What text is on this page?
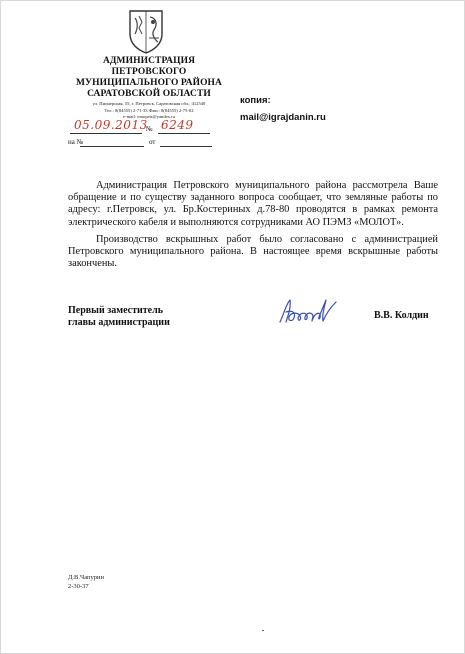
АДМИНИСТРАЦИЯ
ПЕТРОВСКОГО
МУНИЦИПАЛЬНОГО РАЙОНА
САРАТОВСКОЙ ОБЛАСТИ
ул. Пионерская, 55, г. Петровск, Саратовская обл., 412540
Тел.: 8(84555) 2-71-33 Факс: 8(84555) 2-75-02
e-mail: omopetr@yandex.ru
05.09.2013
№ 6249
на №	от
копия:
mail@igrajdanin.ru

Администрация Петровского муниципального района рассмотрела Ваше обращение и по существу заданного вопроса сообщает, что земляные работы по адресу: г.Петровск, ул. Бр.Костериных д.78-80 проводятся в рамках ремонта электрического кабеля и выполняются сотрудниками АО ПЭМЗ «МОЛОТ».

Производство вскрышных работ было согласовано с администрацией Петровского муниципального района. В настоящее время вскрышные работы закончены.

Первый заместитель
главы администрации
В.В. Колдин
Д.В.Чапурин
2-30-37
